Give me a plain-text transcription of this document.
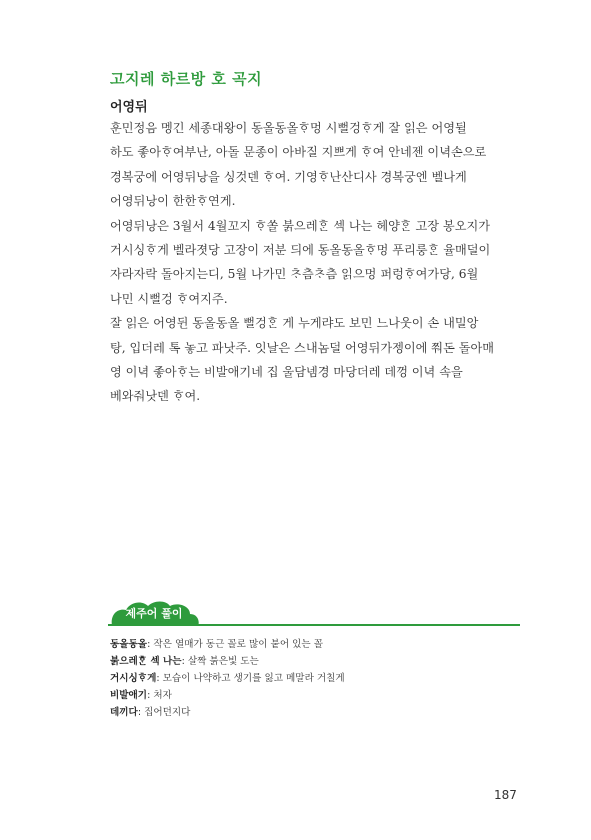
고지레 하르방 호 곡지
어영뒤

훈민정음 멩긴 세종대왕이 동올동올ᄒᆞ멍 시뻘겅ᄒᆞ게 잘 읽은 어영뒬
하도 좋아ᄒᆞ여부난, 아돌 문종이 아바질 지쁘게 ᄒᆞ여 안네젠 이녁손으로
경복궁에 어영뒤낭을 싱것덴 ᄒᆞ여. 기영ᄒᆞ난산디사 경복궁엔 벨나게
어영뒤낭이 한한ᄒᆞ연게.

어영뒤낭은 3월서 4월꼬지 ᄒᆞ쏠 붉으레ᄒᆞᆫ 섹 나는 헤양ᄒᆞᆫ 고장 봉오지가
거시싱ᄒᆞ게 벨라졋당 고장이 저분 듸에 동올동올ᄒᆞ멍 푸리룽ᄒᆞᆫ 율매덜이
자라자락 돌아지는디, 5월 나가민 ᄎᆞ츰ᄎᆞ츰 읽으멍 퍼렁ᄒᆞ여가당, 6월
나민 시뻘겅 ᄒᆞ여지주.

잘 읽은 어영뒨 동올동올 뻘겅ᄒᆞᆫ 게 누게랴도 보민 느나웃이 손 내밀앙
탕, 입더레 톡 놓고 파낫주. 잇날은 스내놈덜 어영뒤가젱이에 쭤돈 돌아매
영 이녁 좋아ᄒᆞ는 비발애기네 집 울담넴경 마당더레 데껑 이녁 속을
베와줘낫덴 ᄒᆞ여.

제주어 풀이
동올동올: 작은 열매가 동근 꼴로 많이 붙어 있는 꼴
붉으레ᄒᆞᆫ 섹 나는: 살짝 붉은빛 도는
거시싱ᄒᆞ게: 모습이 나약하고 생기를 잃고 메말라 거칠게
비발애기: 처자
데끼다: 집어던지다
187
